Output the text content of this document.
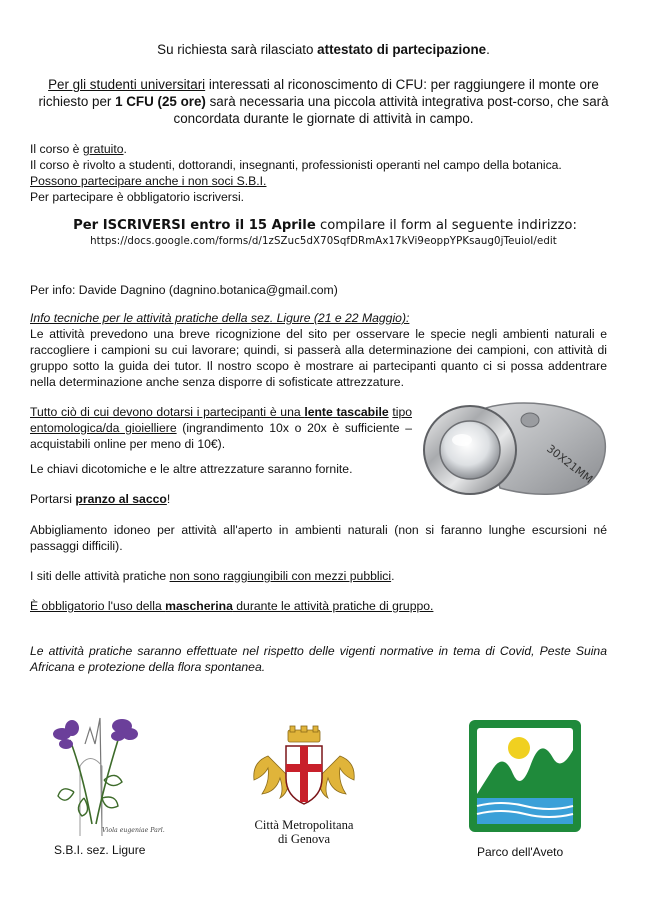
Su richiesta sarà rilasciato attestato di partecipazione.
Per gli studenti universitari interessati al riconoscimento di CFU: per raggiungere il monte ore richiesto per 1 CFU (25 ore) sarà necessaria una piccola attività integrativa post-corso, che sarà concordata durante le giornate di attività in campo.
Il corso è gratuito.
Il corso è rivolto a studenti, dottorandi, insegnanti, professionisti operanti nel campo della botanica.
Possono partecipare anche i non soci S.B.I.
Per partecipare è obbligatorio iscriversi.
Per ISCRIVERSI entro il 15 Aprile compilare il form al seguente indirizzo:
https://docs.google.com/forms/d/1zSZuc5dX70SqfDRmAx17kVi9eoppYPKsaug0jTeuioI/edit
Per info: Davide Dagnino (dagnino.botanica@gmail.com)
Info tecniche per le attività pratiche della sez. Ligure (21 e 22 Maggio):
Le attività prevedono una breve ricognizione del sito per osservare le specie negli ambienti naturali e raccogliere i campioni su cui lavorare; quindi, si passerà alla determinazione dei campioni, con attività di gruppo sotto la guida dei tutor. Il nostro scopo è mostrare ai partecipanti quanto ci si possa addentrare nella determinazione anche senza disporre di sofisticate attrezzature.
Tutto ciò di cui devono dotarsi i partecipanti è una lente tascabile tipo entomologica/da gioielliere (ingrandimento 10x o 20x è sufficiente – acquistabili online per meno di 10€).	30X21MM
Le chiavi dicotomiche e le altre attrezzature saranno fornite.
Portarsi pranzo al sacco!
Abbigliamento idoneo per attività all'aperto in ambienti naturali (non si faranno lunghe escursioni né passaggi difficili).
I siti delle attività pratiche non sono raggiungibili con mezzi pubblici.
È obbligatorio l'uso della mascherina durante le attività pratiche di gruppo.
Le attività pratiche saranno effettuate nel rispetto delle vigenti normative in tema di Covid, Peste Suina Africana e protezione della flora spontanea.
Viola eugeniae Parl.
S.B.I. sez. Ligure
Città Metropolitana
di Genova
Parco dell'Aveto
